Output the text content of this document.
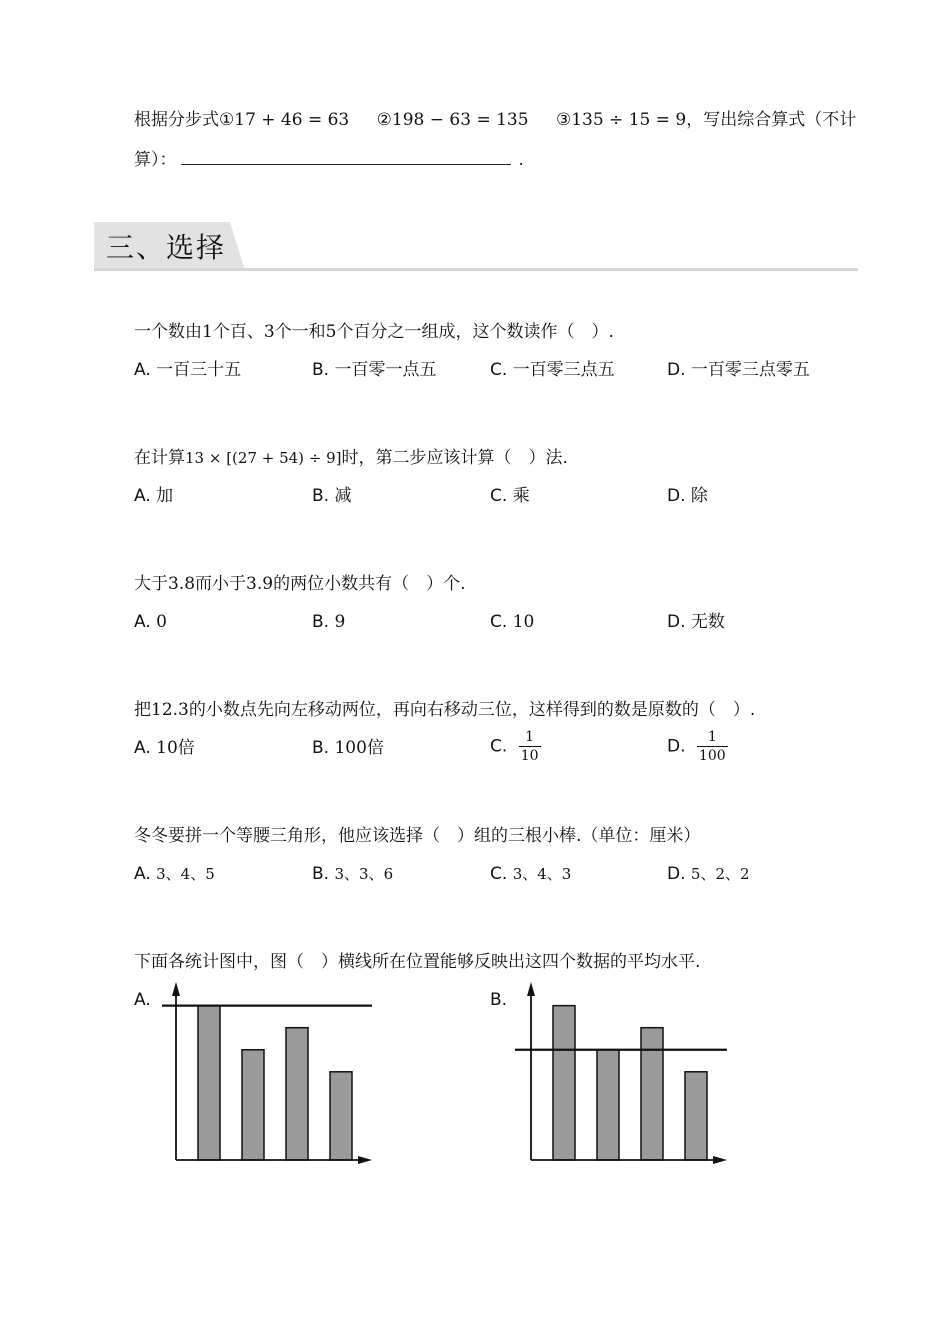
根据分步式①17 + 46 = 63 ②198 − 63 = 135 ③135 ÷ 15 = 9，写出综合算式（不计
算）：	.
三、选择
一个数由1个百、3个一和5个百分之一组成，这个数读作（　）.
A. 一百三十五	B. 一百零一点五	C. 一百零三点五	D. 一百零三点零五
在计算13 × [(27 + 54) ÷ 9]时，第二步应该计算（　）法.
A. 加	B. 减	C. 乘	D. 除
大于3.8而小于3.9的两位小数共有（　）个.
A. 0	B. 9	C. 10	D. 无数
把12.3的小数点先向左移动两位，再向右移动三位，这样得到的数是原数的（　）.
A. 10倍	B. 100倍	C. $\frac{1}{10}$	D. $\frac{1}{100}$
冬冬要拼一个等腰三角形，他应该选择（　）组的三根小棒.（单位：厘米）
A. 3、4、5	B. 3、3、6	C. 3、4、3	D. 5、2、2
下面各统计图中，图（　）横线所在位置能够反映出这四个数据的平均水平.
A.	B.
